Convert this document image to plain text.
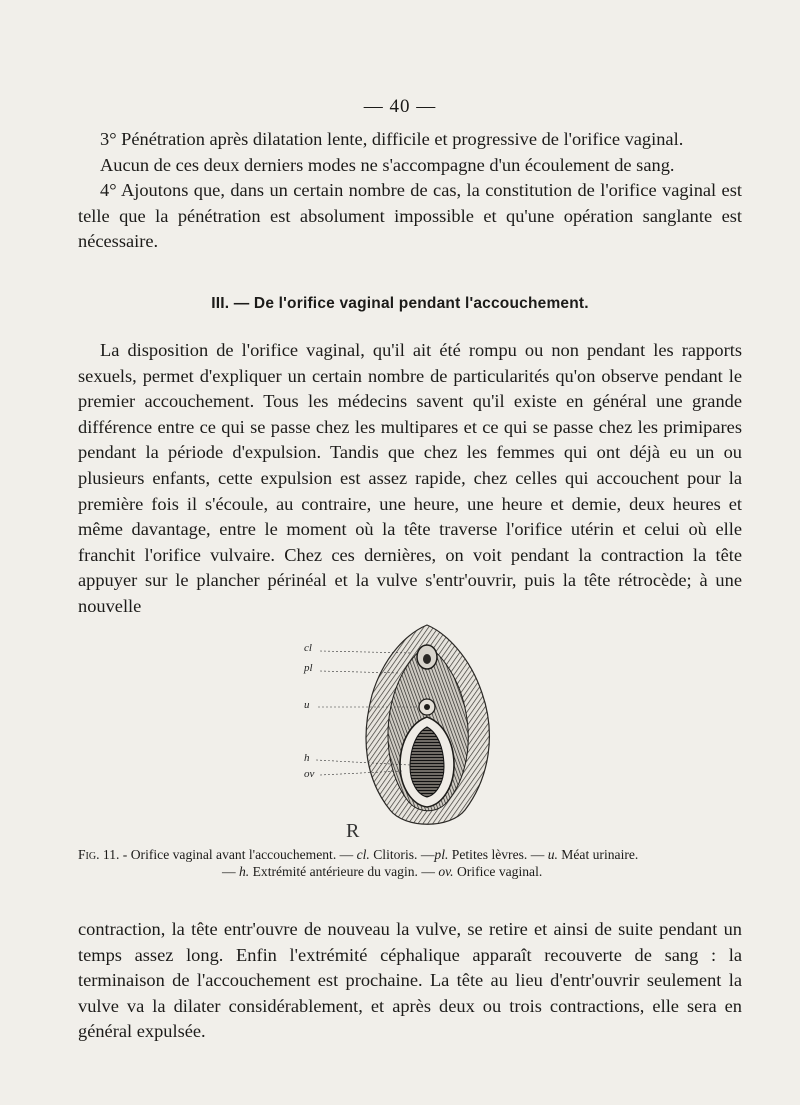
— 40 —

3° Pénétration après dilatation lente, difficile et progressive de l'orifice vaginal.

Aucun de ces deux derniers modes ne s'accompagne d'un écoulement de sang.

4° Ajoutons que, dans un certain nombre de cas, la constitution de l'orifice vaginal est telle que la pénétration est absolument impossible et qu'une opération sanglante est nécessaire.

III. — De l'orifice vaginal pendant l'accouchement.

La disposition de l'orifice vaginal, qu'il ait été rompu ou non pendant les rapports sexuels, permet d'expliquer un certain nombre de particularités qu'on observe pendant le premier accouchement. Tous les médecins savent qu'il existe en général une grande différence entre ce qui se passe chez les multipares et ce qui se passe chez les primipares pendant la période d'expulsion. Tandis que chez les femmes qui ont déjà eu un ou plusieurs enfants, cette expulsion est assez rapide, chez celles qui accouchent pour la première fois il s'écoule, au contraire, une heure, une heure et demie, deux heures et même davantage, entre le moment où la tête traverse l'orifice utérin et celui où elle franchit l'orifice vulvaire. Chez ces dernières, on voit pendant la contraction la tête appuyer sur le plancher périnéal et la vulve s'entr'ouvrir, puis la tête rétrocède; à une nouvelle

cl
pl
u
h
ov
R
Fig. 11. - Orifice vaginal avant l'accouchement. — cl. Clitoris. —pl. Petites lèvres. — u. Méat urinaire.
— h. Extrémité antérieure du vagin. — ov. Orifice vaginal.

contraction, la tête entr'ouvre de nouveau la vulve, se retire et ainsi de suite pendant un temps assez long. Enfin l'extrémité céphalique apparaît recouverte de sang : la terminaison de l'accouchement est prochaine. La tête au lieu d'entr'ouvrir seulement la vulve va la dilater considérablement, et après deux ou trois contractions, elle sera en général expulsée.
